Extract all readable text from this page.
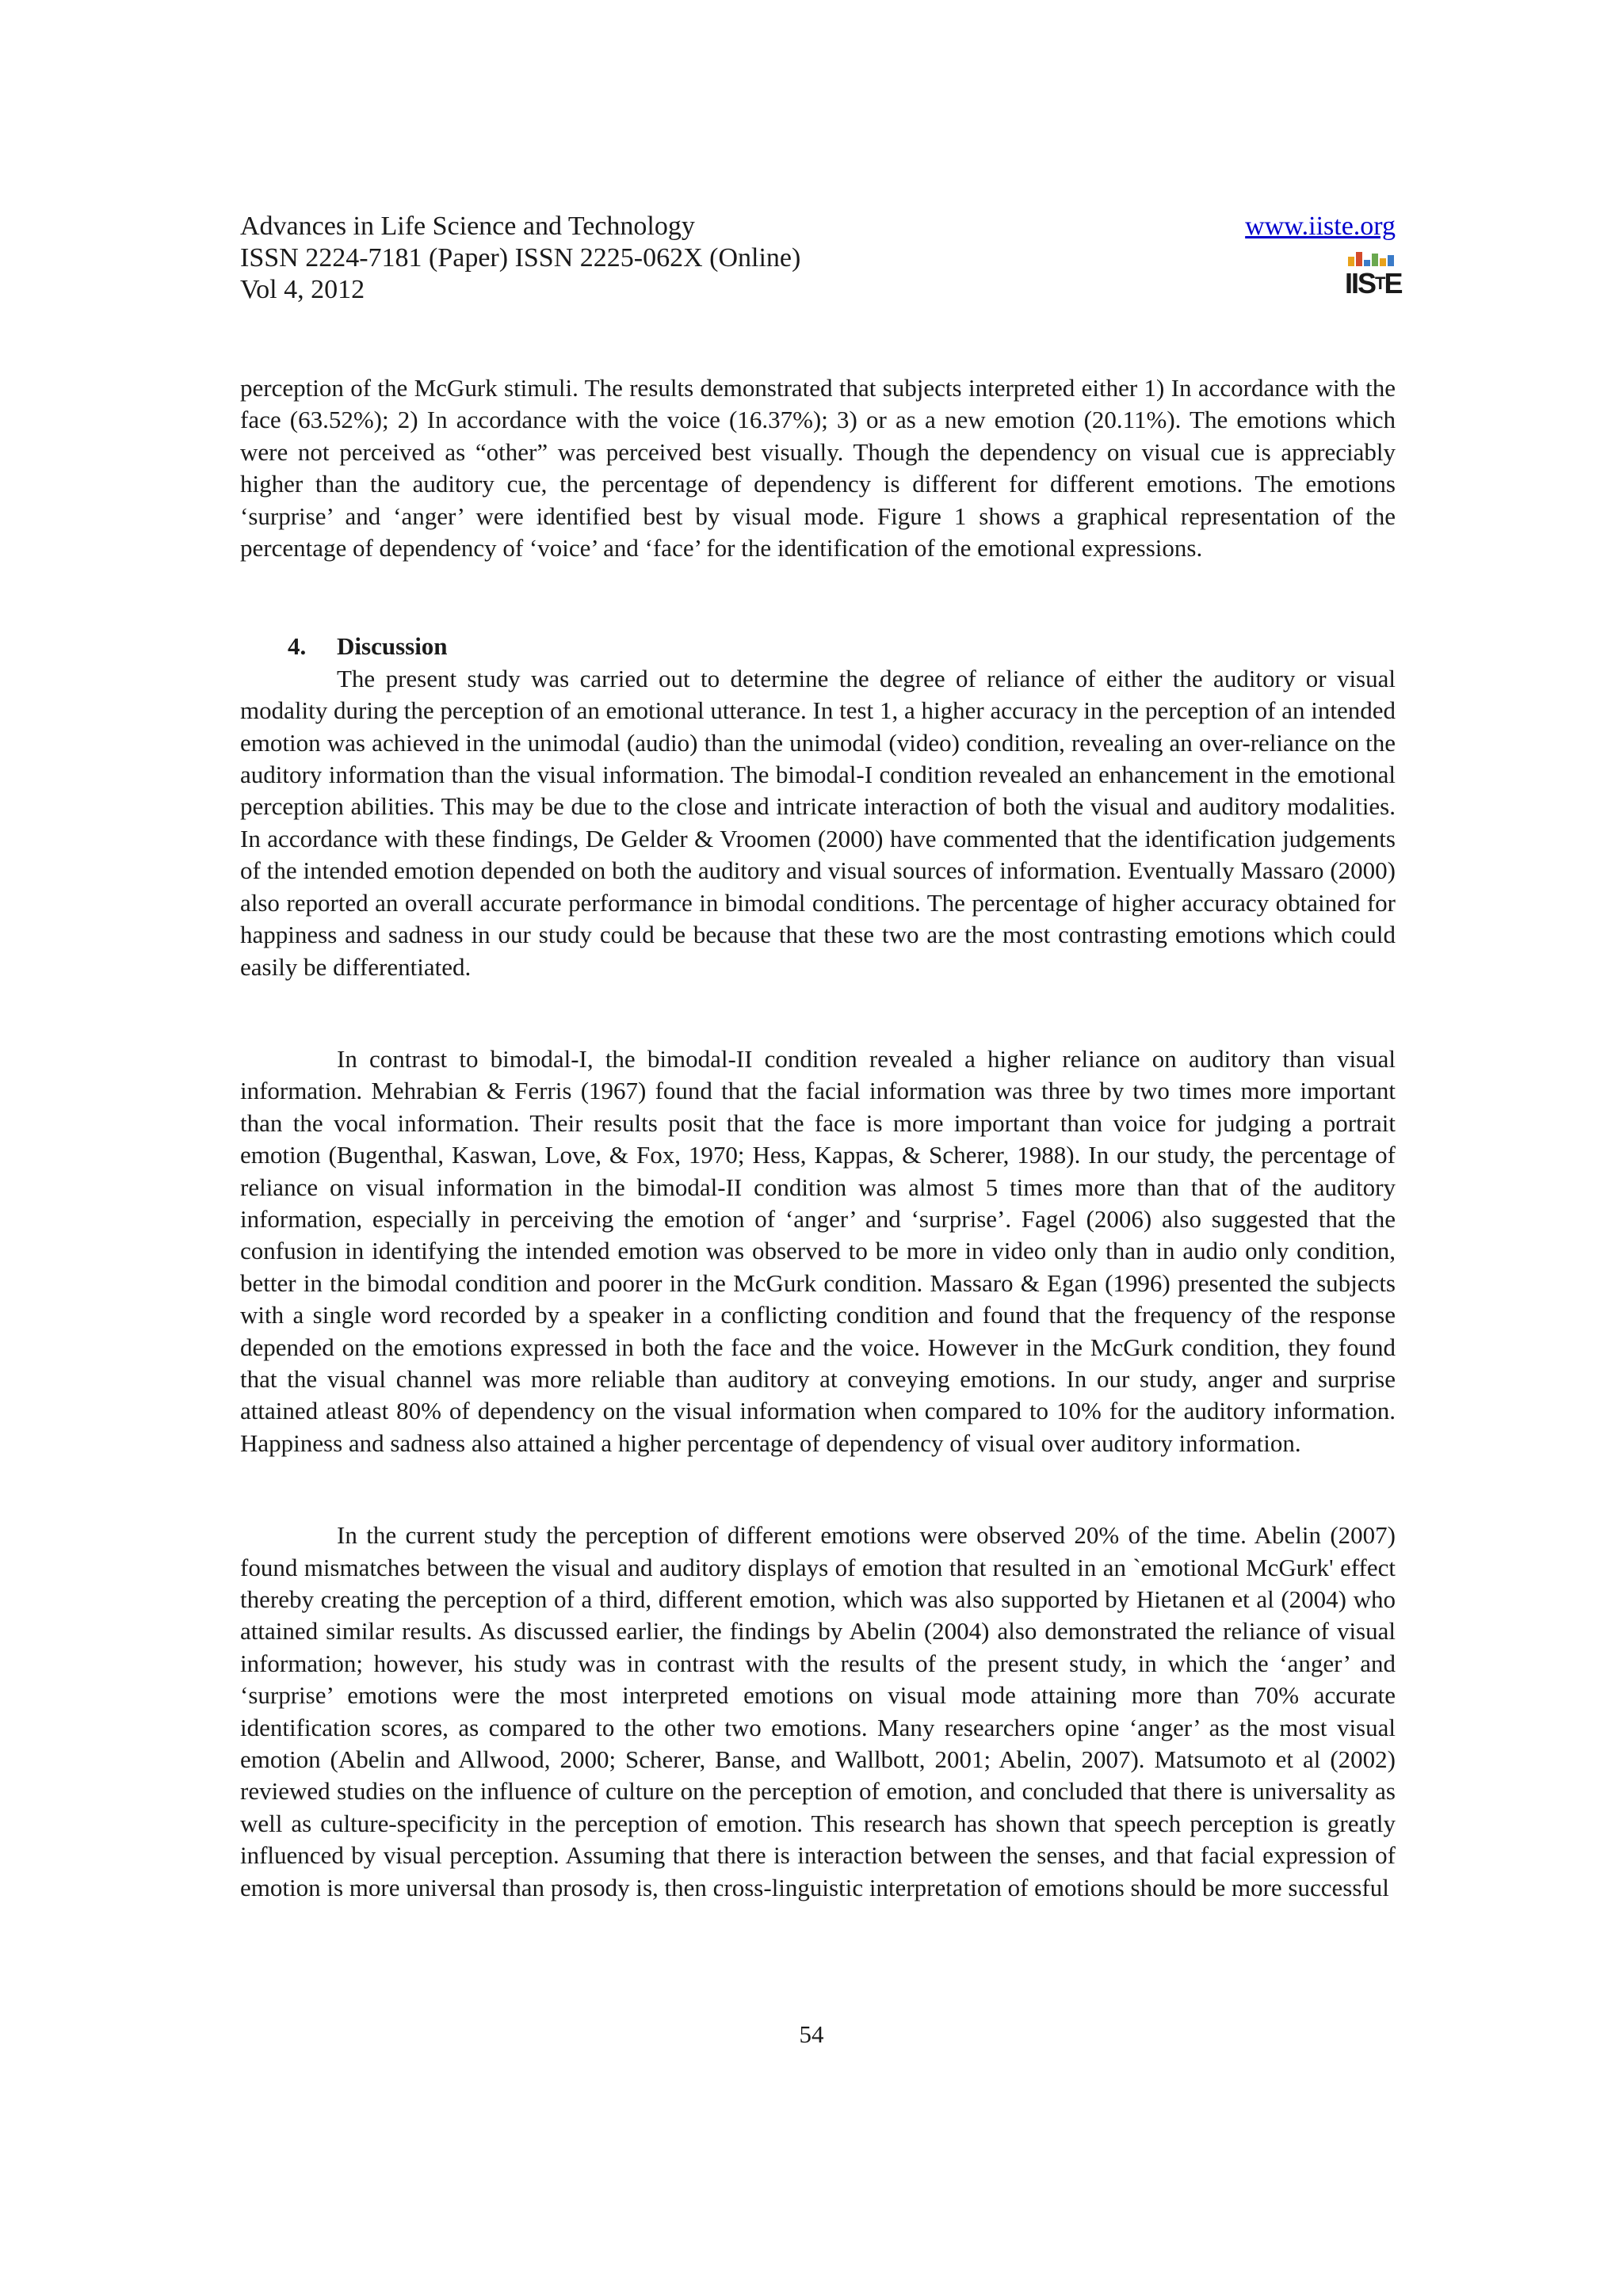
Advances in Life Science and Technology
ISSN 2224-7181 (Paper) ISSN 2225-062X (Online)
Vol 4, 2012
www.iiste.org
$IIS^TE$

perception of the McGurk stimuli. The results demonstrated that subjects interpreted either 1) In accordance with the face (63.52%); 2) In accordance with the voice (16.37%); 3) or as a new emotion (20.11%). The emotions which were not perceived as “other” was perceived best visually. Though the dependency on visual cue is appreciably higher than the auditory cue, the percentage of dependency is different for different emotions. The emotions ‘surprise’ and ‘anger’ were identified best by visual mode. Figure 1 shows a graphical representation of the percentage of dependency of ‘voice’ and ‘face’ for the identification of the emotional expressions.

4. Discussion

The present study was carried out to determine the degree of reliance of either the auditory or visual modality during the perception of an emotional utterance. In test 1, a higher accuracy in the perception of an intended emotion was achieved in the unimodal (audio) than the unimodal (video) condition, revealing an over-reliance on the auditory information than the visual information. The bimodal-I condition revealed an enhancement in the emotional perception abilities. This may be due to the close and intricate interaction of both the visual and auditory modalities. In accordance with these findings, De Gelder & Vroomen (2000) have commented that the identification judgements of the intended emotion depended on both the auditory and visual sources of information. Eventually Massaro (2000) also reported an overall accurate performance in bimodal conditions. The percentage of higher accuracy obtained for happiness and sadness in our study could be because that these two are the most contrasting emotions which could easily be differentiated.

In contrast to bimodal-I, the bimodal-II condition revealed a higher reliance on auditory than visual information. Mehrabian & Ferris (1967) found that the facial information was three by two times more important than the vocal information. Their results posit that the face is more important than voice for judging a portrait emotion (Bugenthal, Kaswan, Love, & Fox, 1970; Hess, Kappas, & Scherer, 1988). In our study, the percentage of reliance on visual information in the bimodal-II condition was almost 5 times more than that of the auditory information, especially in perceiving the emotion of ‘anger’ and ‘surprise’. Fagel (2006) also suggested that the confusion in identifying the intended emotion was observed to be more in video only than in audio only condition, better in the bimodal condition and poorer in the McGurk condition. Massaro & Egan (1996) presented the subjects with a single word recorded by a speaker in a conflicting condition and found that the frequency of the response depended on the emotions expressed in both the face and the voice. However in the McGurk condition, they found that the visual channel was more reliable than auditory at conveying emotions. In our study, anger and surprise attained atleast 80% of dependency on the visual information when compared to 10% for the auditory information. Happiness and sadness also attained a higher percentage of dependency of visual over auditory information.

In the current study the perception of different emotions were observed 20% of the time. Abelin (2007) found mismatches between the visual and auditory displays of emotion that resulted in an `emotional McGurk' effect thereby creating the perception of a third, different emotion, which was also supported by Hietanen et al (2004) who attained similar results. As discussed earlier, the findings by Abelin (2004) also demonstrated the reliance of visual information; however, his study was in contrast with the results of the present study, in which the ‘anger’ and ‘surprise’ emotions were the most interpreted emotions on visual mode attaining more than 70% accurate identification scores, as compared to the other two emotions. Many researchers opine ‘anger’ as the most visual emotion (Abelin and Allwood, 2000; Scherer, Banse, and Wallbott, 2001; Abelin, 2007). Matsumoto et al (2002) reviewed studies on the influence of culture on the perception of emotion, and concluded that there is universality as well as culture-specificity in the perception of emotion. This research has shown that speech perception is greatly influenced by visual perception. Assuming that there is interaction between the senses, and that facial expression of emotion is more universal than prosody is, then cross-linguistic interpretation of emotions should be more successful

54
